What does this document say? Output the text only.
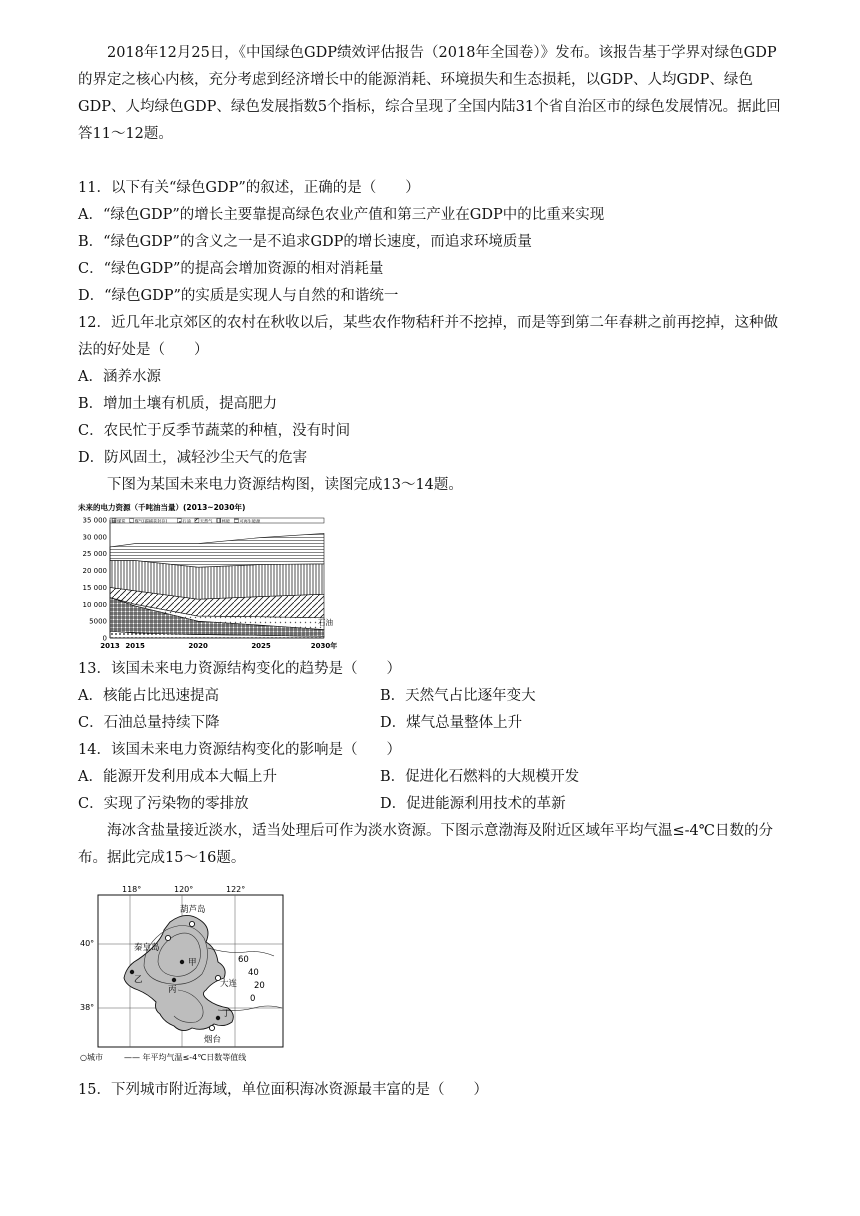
2018年12月25日，《中国绿色GDP绩效评估报告（2018年全国卷）》发布。该报告基于学界对绿色GDP的界定之核心内核，充分考虑到经济增长中的能源消耗、环境损失和生态损耗，以GDP、人均GDP、绿色GDP、人均绿色GDP、绿色发展指数5个指标，综合呈现了全国内陆31个省自治区市的绿色发展情况。据此回答11～12题。

11．以下有关“绿色GDP”的叙述，正确的是（　　）
A．“绿色GDP”的增长主要靠提高绿色农业产值和第三产业在GDP中的比重来实现
B．“绿色GDP”的含义之一是不追求GDP的增长速度，而追求环境质量
C．“绿色GDP”的提高会增加资源的相对消耗量
D．“绿色GDP”的实质是实现人与自然的和谐统一

12．近几年北京郊区的农村在秋收以后，某些农作物秸秆并不挖掉，而是等到第二年春耕之前再挖掉，这种做法的好处是（　　）

A．涵养水源
B．增加土壤有机质，提高肥力
C．农民忙于反季节蔬菜的种植，没有时间
D．防风固土，减轻沙尘天气的危害

下图为某国未来电力资源结构图，读图完成13～14题。

未来的电力资源（千吨油当量）(2013~2030年)
35 000
30 000
25 000
20 000
15 000
10 000
5000
0
2013 2015	2020	2025	2030年
煤炭 煤气(碳捕获封存)	石油 天然气 核能 可再生能源
石油
13．该国未来电力资源结构变化的趋势是（　　）
A．核能占比迅速提高	B．天然气占比逐年变大
C．石油总量持续下降	D．煤气总量整体上升
14．该国未来电力资源结构变化的影响是（　　）
A．能源开发利用成本大幅上升	B．促进化石燃料的大规模开发
C．实现了污染物的零排放	D．促进能源利用技术的革新

海冰含盐量接近淡水，适当处理后可作为淡水资源。下图示意渤海及附近区域年平均气温≤-4℃日数的分布。据此完成15～16题。

118°	120°	122°
40°
38°
葫芦岛
秦皇岛
甲
乙
丙
大连
丁
烟台
60
40
20
0
○城市	—— 年平均气温≤-4℃日数等值线
15．下列城市附近海域，单位面积海冰资源最丰富的是（　　）
